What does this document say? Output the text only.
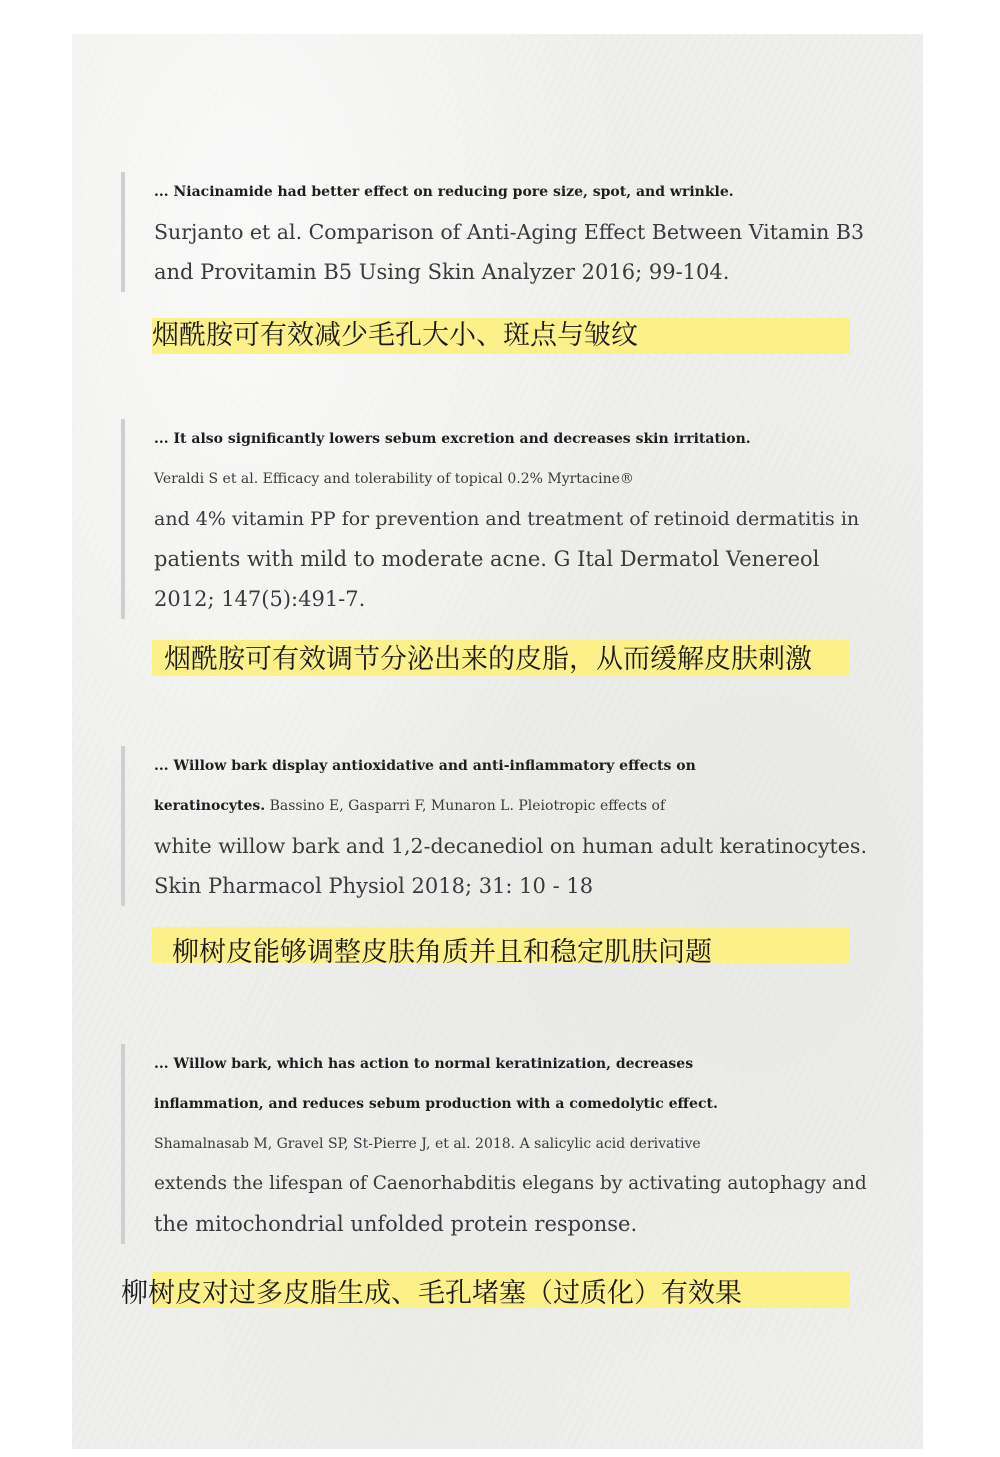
... Niacinamide had better effect on reducing pore size, spot, and wrinkle.
Surjanto et al. Comparison of Anti-Aging Effect Between Vitamin B3
and Provitamin B5 Using Skin Analyzer 2016; 99-104.
烟酰胺可有效减少毛孔大小、斑点与皱纹
... It also significantly lowers sebum excretion and decreases skin irritation.
Veraldi S et al. Efficacy and tolerability of topical 0.2% Myrtacine®
and 4% vitamin PP for prevention and treatment of retinoid dermatitis in
patients with mild to moderate acne. G Ital Dermatol Venereol
2012; 147(5):491-7.
烟酰胺可有效调节分泌出来的皮脂，从而缓解皮肤刺激
... Willow bark display antioxidative and anti-inflammatory effects on
keratinocytes. Bassino E, Gasparri F, Munaron L. Pleiotropic effects of
white willow bark and 1,2-decanediol on human adult keratinocytes.
Skin Pharmacol Physiol 2018; 31: 10 - 18
柳树皮能够调整皮肤角质并且和稳定肌肤问题
... Willow bark, which has action to normal keratinization, decreases
inflammation, and reduces sebum production with a comedolytic effect.
Shamalnasab M, Gravel SP, St-Pierre J, et al. 2018. A salicylic acid derivative
extends the lifespan of Caenorhabditis elegans by activating autophagy and
the mitochondrial unfolded protein response.
柳树皮对过多皮脂生成、毛孔堵塞（过质化）有效果
